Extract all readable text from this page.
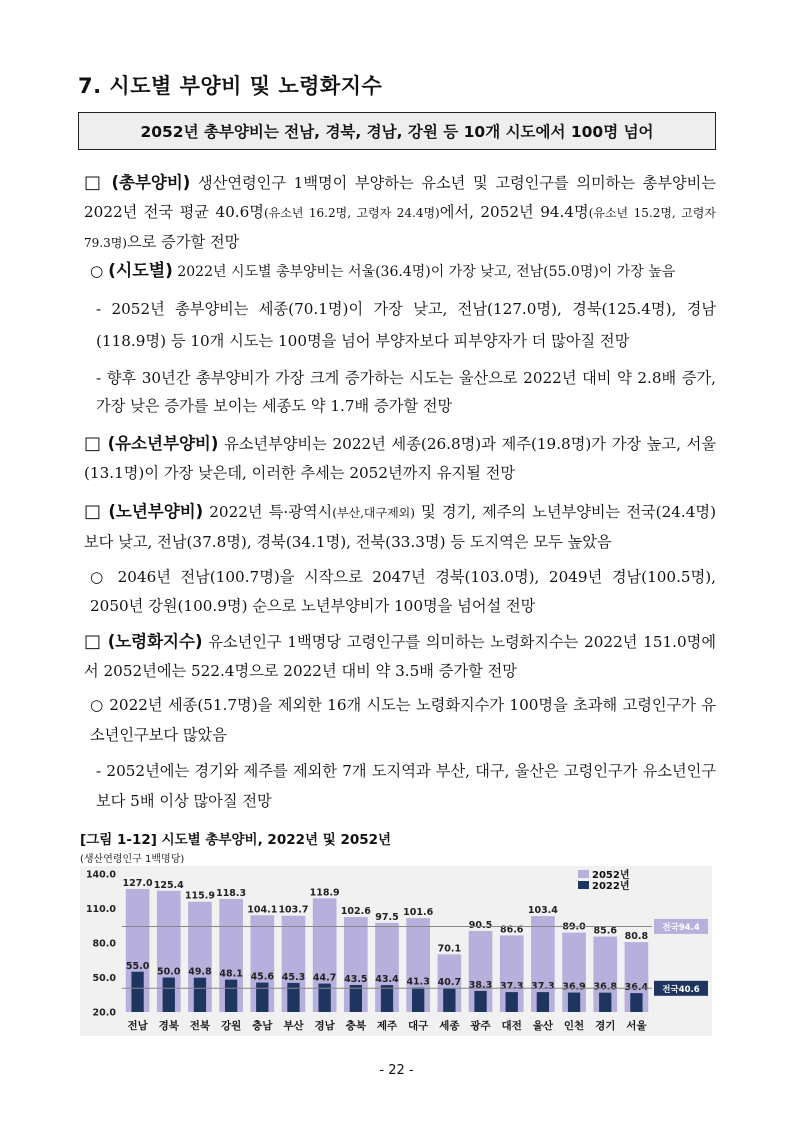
7. 시도별 부양비 및 노령화지수
2052년 총부양비는 전남, 경북, 경남, 강원 등 10개 시도에서 100명 넘어
□ (총부양비) 생산연령인구 1백명이 부양하는 유소년 및 고령인구를 의미하는 총부양비는 2022년 전국 평균 40.6명(유소년 16.2명, 고령자 24.4명)에서, 2052년 94.4명(유소년 15.2명, 고령자 79.3명)으로 증가할 전망
○ (시도별) 2022년 시도별 총부양비는 서울(36.4명)이 가장 낮고, 전남(55.0명)이 가장 높음
- 2052년 총부양비는 세종(70.1명)이 가장 낮고, 전남(127.0명), 경북(125.4명), 경남(118.9명) 등 10개 시도는 100명을 넘어 부양자보다 피부양자가 더 많아질 전망
- 향후 30년간 총부양비가 가장 크게 증가하는 시도는 울산으로 2022년 대비 약 2.8배 증가, 가장 낮은 증가를 보이는 세종도 약 1.7배 증가할 전망
□ (유소년부양비) 유소년부양비는 2022년 세종(26.8명)과 제주(19.8명)가 가장 높고, 서울(13.1명)이 가장 낮은데, 이러한 추세는 2052년까지 유지될 전망
□ (노년부양비) 2022년 특·광역시(부산,대구제외) 및 경기, 제주의 노년부양비는 전국(24.4명)보다 낮고, 전남(37.8명), 경북(34.1명), 전북(33.3명) 등 도지역은 모두 높았음
○ 2046년 전남(100.7명)을 시작으로 2047년 경북(103.0명), 2049년 경남(100.5명), 2050년 강원(100.9명) 순으로 노년부양비가 100명을 넘어설 전망
□ (노령화지수) 유소년인구 1백명당 고령인구를 의미하는 노령화지수는 2022년 151.0명에서 2052년에는 522.4명으로 2022년 대비 약 3.5배 증가할 전망
○ 2022년 세종(51.7명)을 제외한 16개 시도는 노령화지수가 100명을 초과해 고령인구가 유소년인구보다 많았음
- 2052년에는 경기와 제주를 제외한 7개 도지역과 부산, 대구, 울산은 고령인구가 유소년인구보다 5배 이상 많아질 전망
[그림 1-12] 시도별 총부양비, 2022년 및 2052년
(생산연령인구 1백명당)
20.0
50.0
80.0
110.0
140.0
127.0
55.0
전남
125.4
50.0
경북
115.9
49.8
전북
118.3
48.1
강원
104.1
45.6
충남
103.7
45.3
부산
118.9
44.7
경남
102.6
43.5
충북
97.5
43.4
제주
101.6
41.3
대구
70.1
40.7
세종
90.5
38.3
광주
86.6
37.3
대전
103.4
37.3
울산
89.0
36.9
인천
85.6
36.8
경기
80.8
36.4
서울
전국94.4
전국40.6
2052년
2022년
- 22 -
